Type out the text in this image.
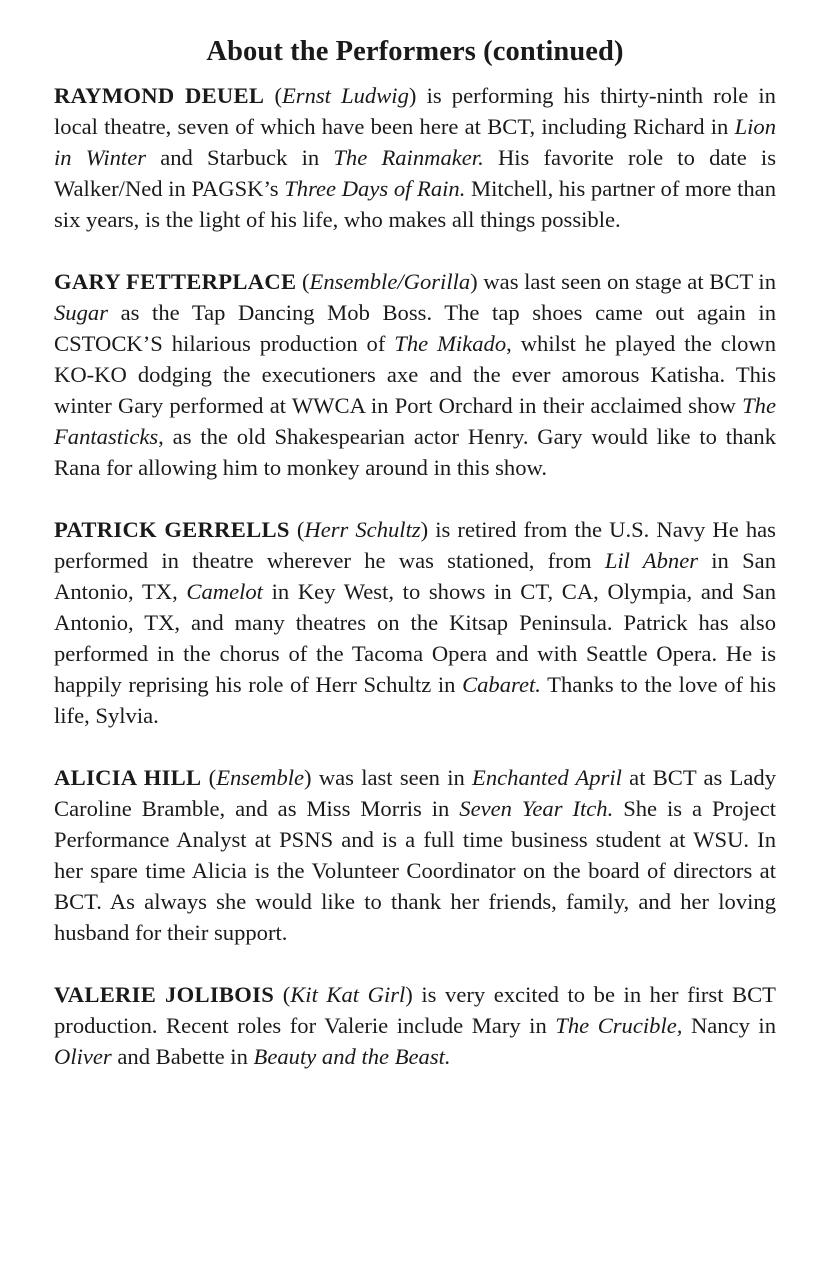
About the Performers (continued)

RAYMOND DEUEL (Ernst Ludwig) is performing his thirty-ninth role in local theatre, seven of which have been here at BCT, including Richard in Lion in Winter and Starbuck in The Rainmaker. His favorite role to date is Walker/Ned in PAGSK’s Three Days of Rain. Mitchell, his partner of more than six years, is the light of his life, who makes all things possible.

GARY FETTERPLACE (Ensemble/Gorilla) was last seen on stage at BCT in Sugar as the Tap Dancing Mob Boss. The tap shoes came out again in CSTOCK’S hilarious production of The Mikado, whilst he played the clown KO-KO dodging the executioners axe and the ever amorous Katisha. This winter Gary performed at WWCA in Port Orchard in their acclaimed show The Fantasticks, as the old Shakespearian actor Henry. Gary would like to thank Rana for allowing him to monkey around in this show.

PATRICK GERRELLS (Herr Schultz) is retired from the U.S. Navy He has performed in theatre wherever he was stationed, from Lil Abner in San Antonio, TX, Camelot in Key West, to shows in CT, CA, Olympia, and San Antonio, TX, and many theatres on the Kitsap Peninsula. Patrick has also performed in the chorus of the Tacoma Opera and with Seattle Opera. He is happily reprising his role of Herr Schultz in Cabaret. Thanks to the love of his life, Sylvia.

ALICIA HILL (Ensemble) was last seen in Enchanted April at BCT as Lady Caroline Bramble, and as Miss Morris in Seven Year Itch. She is a Project Performance Analyst at PSNS and is a full time business student at WSU. In her spare time Alicia is the Volunteer Coordinator on the board of directors at BCT. As always she would like to thank her friends, family, and her loving husband for their support.

VALERIE JOLIBOIS (Kit Kat Girl) is very excited to be in her first BCT production. Recent roles for Valerie include Mary in The Crucible, Nancy in Oliver and Babette in Beauty and the Beast.
